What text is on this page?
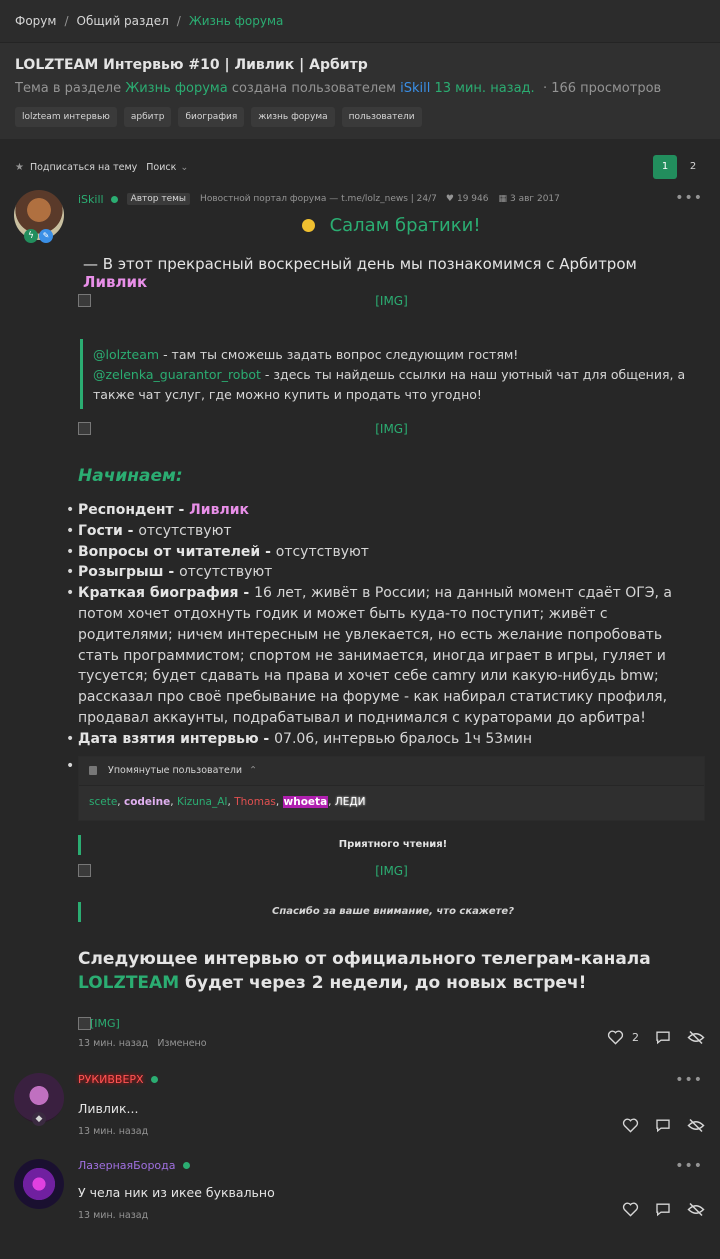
Форум / Общий раздел / Жизнь форума
LOLZTEAM Интервью #10 | Ливлик | Арбитр
Тема в разделе Жизнь форума создана пользователем iSkill 13 мин. назад. · 166 просмотров
lolzteam интервью	арбитр	биография	жизнь форума	пользователи
★ Подписаться на тему Поиск ⌄	1	2
ϟ	✎
iSkill	Автор темы	Новостной портал форума — t.me/lolz_news | 24/7 ♥ 19 946 ▦ 3 авг 2017	•••
Салам братики!
— В этот прекрасный воскресный день мы познакомимся с Арбитром Ливлик
[IMG]
@lolzteam - там ты сможешь задать вопрос следующим гостям!
@zelenka_guarantor_robot - здесь ты найдешь ссылки на наш уютный чат для общения, а также чат услуг, где можно купить и продать что угодно!
[IMG]
Начинаем:
• Респондент - Ливлик
• Гости - отсутствуют
• Вопросы от читателей - отсутствуют
• Розыгрыш - отсутствуют
• Краткая биография - 16 лет, живёт в России; на данный момент сдаёт ОГЭ, а потом хочет отдохнуть годик и может быть куда-то поступит; живёт с родителями; ничем интересным не увлекается, но есть желание попробовать стать программистом; спортом не занимается, иногда играет в игры, гуляет и тусуется; будет сдавать на права и хочет себе camry или какую-нибудь bmw; рассказал про своё пребывание на форуме - как набирал статистику профиля, продавал аккаунты, подрабатывал и поднимался с кураторами до арбитра!
• Дата взятия интервью - 07.06, интервью бралось 1ч 53мин
•	Упомянутые пользователи ⌃
scete, codeine, Kizuna_AI, Thomas, whoeta, ЛЕДИ
Приятного чтения!
[IMG]
Спасибо за ваше внимание, что скажете?
Следующее интервью от официального телеграм-канала LOLZTEAM будет через 2 недели, до новых встреч!
[IMG]
13 мин. назад Изменено	2
◆
РУКИВВЕРХ	•••
Ливлик...
13 мин. назад
ЛазернаяБорода	•••
У чела ник из икее буквально
13 мин. назад
